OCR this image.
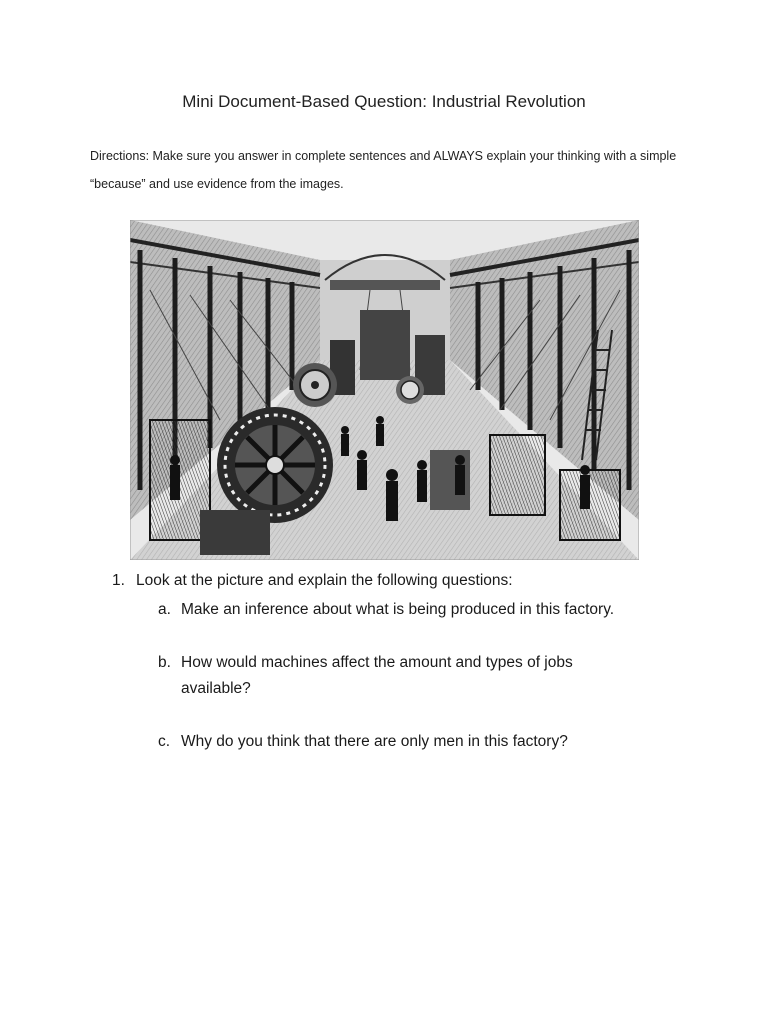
Mini Document-Based Question: Industrial Revolution

Directions: Make sure you answer in complete sentences and ALWAYS explain your thinking with a simple “because” and use evidence from the images.

1. Look at the picture and explain the following questions:
a. Make an inference about what is being produced in this factory.
b. How would machines affect the amount and types of jobs available?
c. Why do you think that there are only men in this factory?
